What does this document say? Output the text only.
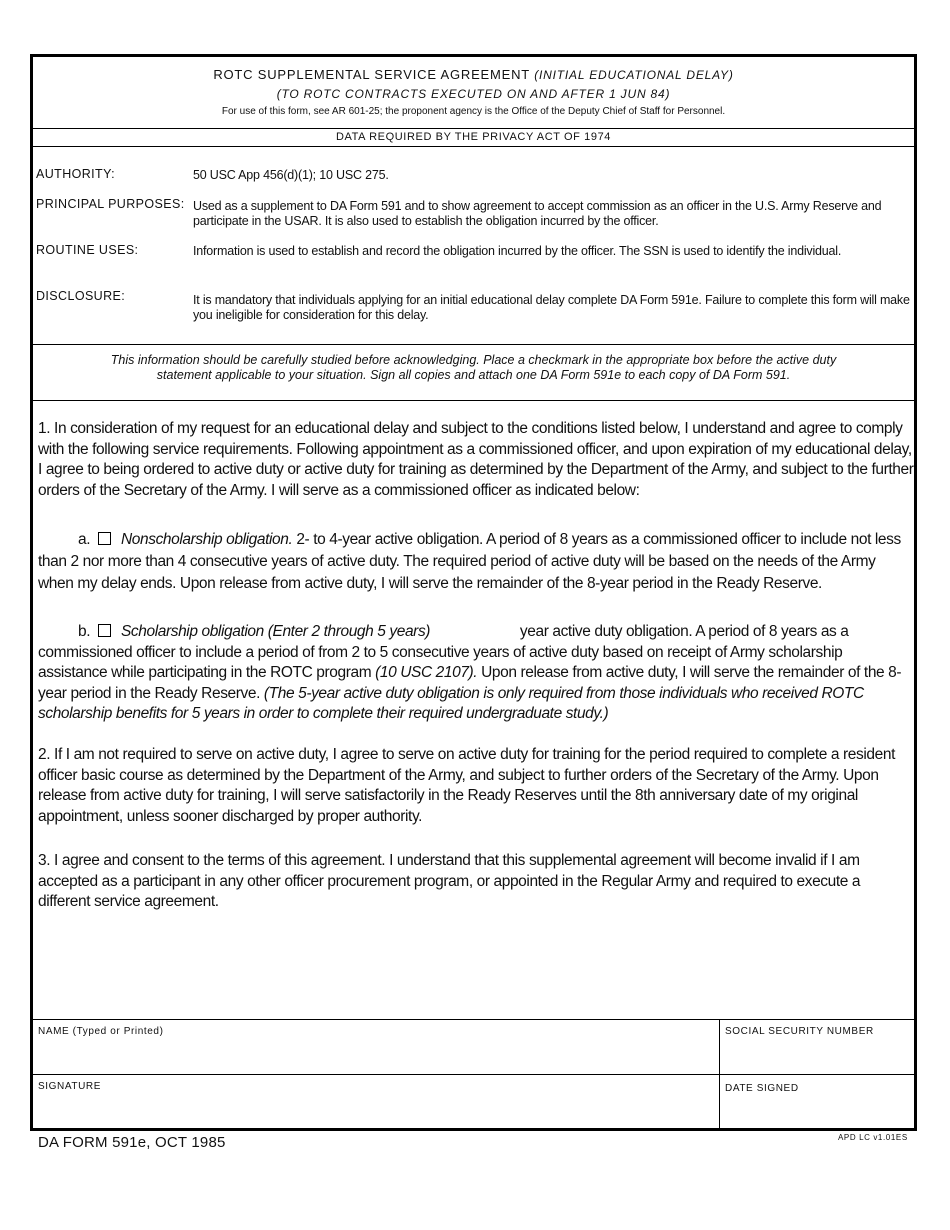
ROTC SUPPLEMENTAL SERVICE AGREEMENT (INITIAL EDUCATIONAL DELAY)
(TO ROTC CONTRACTS EXECUTED ON AND AFTER 1 JUN 84)
For use of this form, see AR 601-25; the proponent agency is the Office of the Deputy Chief of Staff for Personnel.
DATA REQUIRED BY THE PRIVACY ACT OF 1974
AUTHORITY:	50 USC App 456(d)(1); 10 USC 275.
PRINCIPAL PURPOSES: Used as a supplement to DA Form 591 and to show agreement to accept commission as an officer in the U.S. Army Reserve and participate in the USAR. It is also used to establish the obligation incurred by the officer.
ROUTINE USES:	Information is used to establish and record the obligation incurred by the officer. The SSN is used to identify the individual.
DISCLOSURE:	It is mandatory that individuals applying for an initial educational delay complete DA Form 591e. Failure to complete this form will make you ineligible for consideration for this delay.

This information should be carefully studied before acknowledging. Place a checkmark in the appropriate box before the active duty

statement applicable to your situation. Sign all copies and attach one DA Form 591e to each copy of DA Form 591.

1. In consideration of my request for an educational delay and subject to the conditions listed below, I understand and agree to comply with the following service requirements. Following appointment as a commissioned officer, and upon expiration of my educational delay, I agree to being ordered to active duty or active duty for training as determined by the Department of the Army, and subject to the further orders of the Secretary of the Army. I will serve as a commissioned officer as indicated below:

a. Nonscholarship obligation. 2- to 4-year active obligation. A period of 8 years as a commissioned officer to include not less than 2 nor more than 4 consecutive years of active duty. The required period of active duty will be based on the needs of the Army when my delay ends. Upon release from active duty, I will serve the remainder of the 8-year period in the Ready Reserve.

b. Scholarship obligation (Enter 2 through 5 years)	year active duty obligation. A period of 8 years as a commissioned officer to include a period of from 2 to 5 consecutive years of active duty based on receipt of Army scholarship assistance while participating in the ROTC program (10 USC 2107). Upon release from active duty, I will serve the remainder of the 8-year period in the Ready Reserve. (The 5-year active duty obligation is only required from those individuals who received ROTC scholarship benefits for 5 years in order to complete their required undergraduate study.)

2. If I am not required to serve on active duty, I agree to serve on active duty for training for the period required to complete a resident officer basic course as determined by the Department of the Army, and subject to further orders of the Secretary of the Army. Upon release from active duty for training, I will serve satisfactorily in the Ready Reserves until the 8th anniversary date of my original appointment, unless sooner discharged by proper authority.

3. I agree and consent to the terms of this agreement. I understand that this supplemental agreement will become invalid if I am accepted as a participant in any other officer procurement program, or appointed in the Regular Army and required to execute a different service agreement.

NAME (Typed or Printed)	SOCIAL SECURITY NUMBER
SIGNATURE	DATE SIGNED
DA FORM 591e, OCT 1985	APD LC v1.01ES
